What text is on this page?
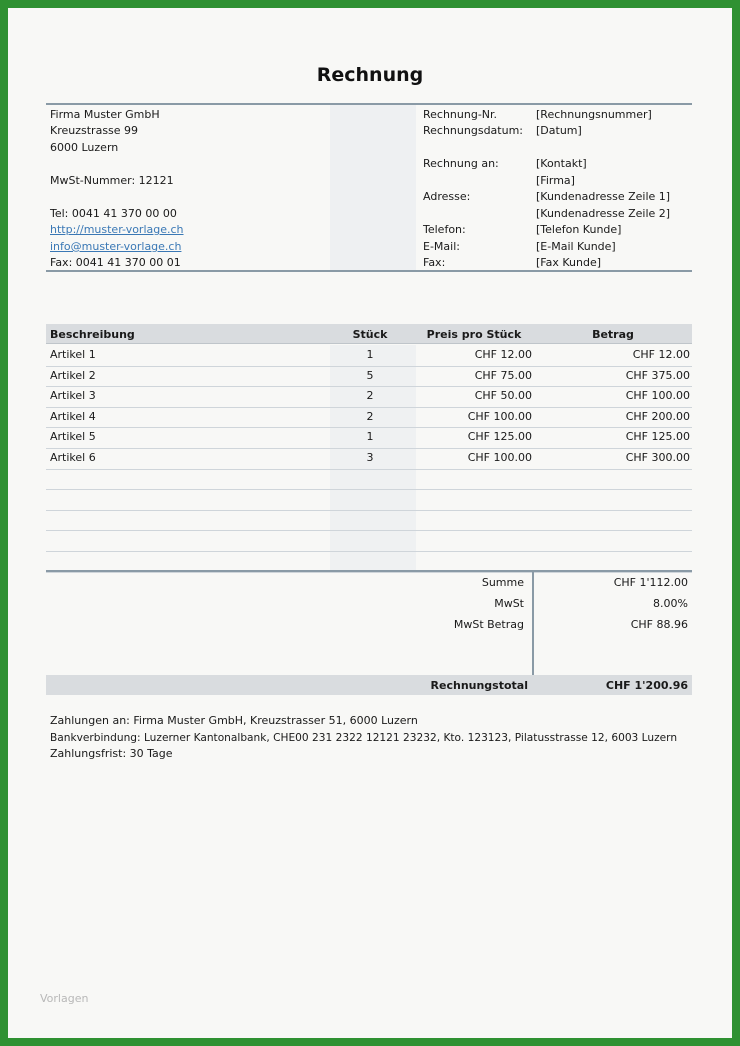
Rechnung
Firma Muster GmbH
Kreuzstrasse 99
6000 Luzern
MwSt-Nummer: 12121
Tel: 0041 41 370 00 00
http://muster-vorlage.ch
info@muster-vorlage.ch
Fax: 0041 41 370 00 01
Rechnung-Nr.	[Rechnungsnummer]
Rechnungsdatum: [Datum]
Rechnung an:	[Kontakt]
[Firma]
Adresse:	[Kundenadresse Zeile 1]
[Kundenadresse Zeile 2]
Telefon:	[Telefon Kunde]
E-Mail:	[E-Mail Kunde]
Fax:	[Fax Kunde]
Beschreibung	Stück	Preis pro Stück	Betrag
Artikel 1	1	CHF 12.00	CHF 12.00
Artikel 2	5	CHF 75.00	CHF 375.00
Artikel 3	2	CHF 50.00	CHF 100.00
Artikel 4	2	CHF 100.00	CHF 200.00
Artikel 5	1	CHF 125.00	CHF 125.00
Artikel 6	3	CHF 100.00	CHF 300.00
Summe	CHF 1'112.00
MwSt	8.00%
MwSt Betrag	CHF 88.96
Rechnungstotal	CHF 1'200.96
Zahlungen an: Firma Muster GmbH, Kreuzstrasser 51, 6000 Luzern
Bankverbindung: Luzerner Kantonalbank, CHE00 231 2322 12121 23232, Kto. 123123, Pilatusstrasse 12, 6003 Luzern
Zahlungsfrist: 30 Tage
Vorlagen
